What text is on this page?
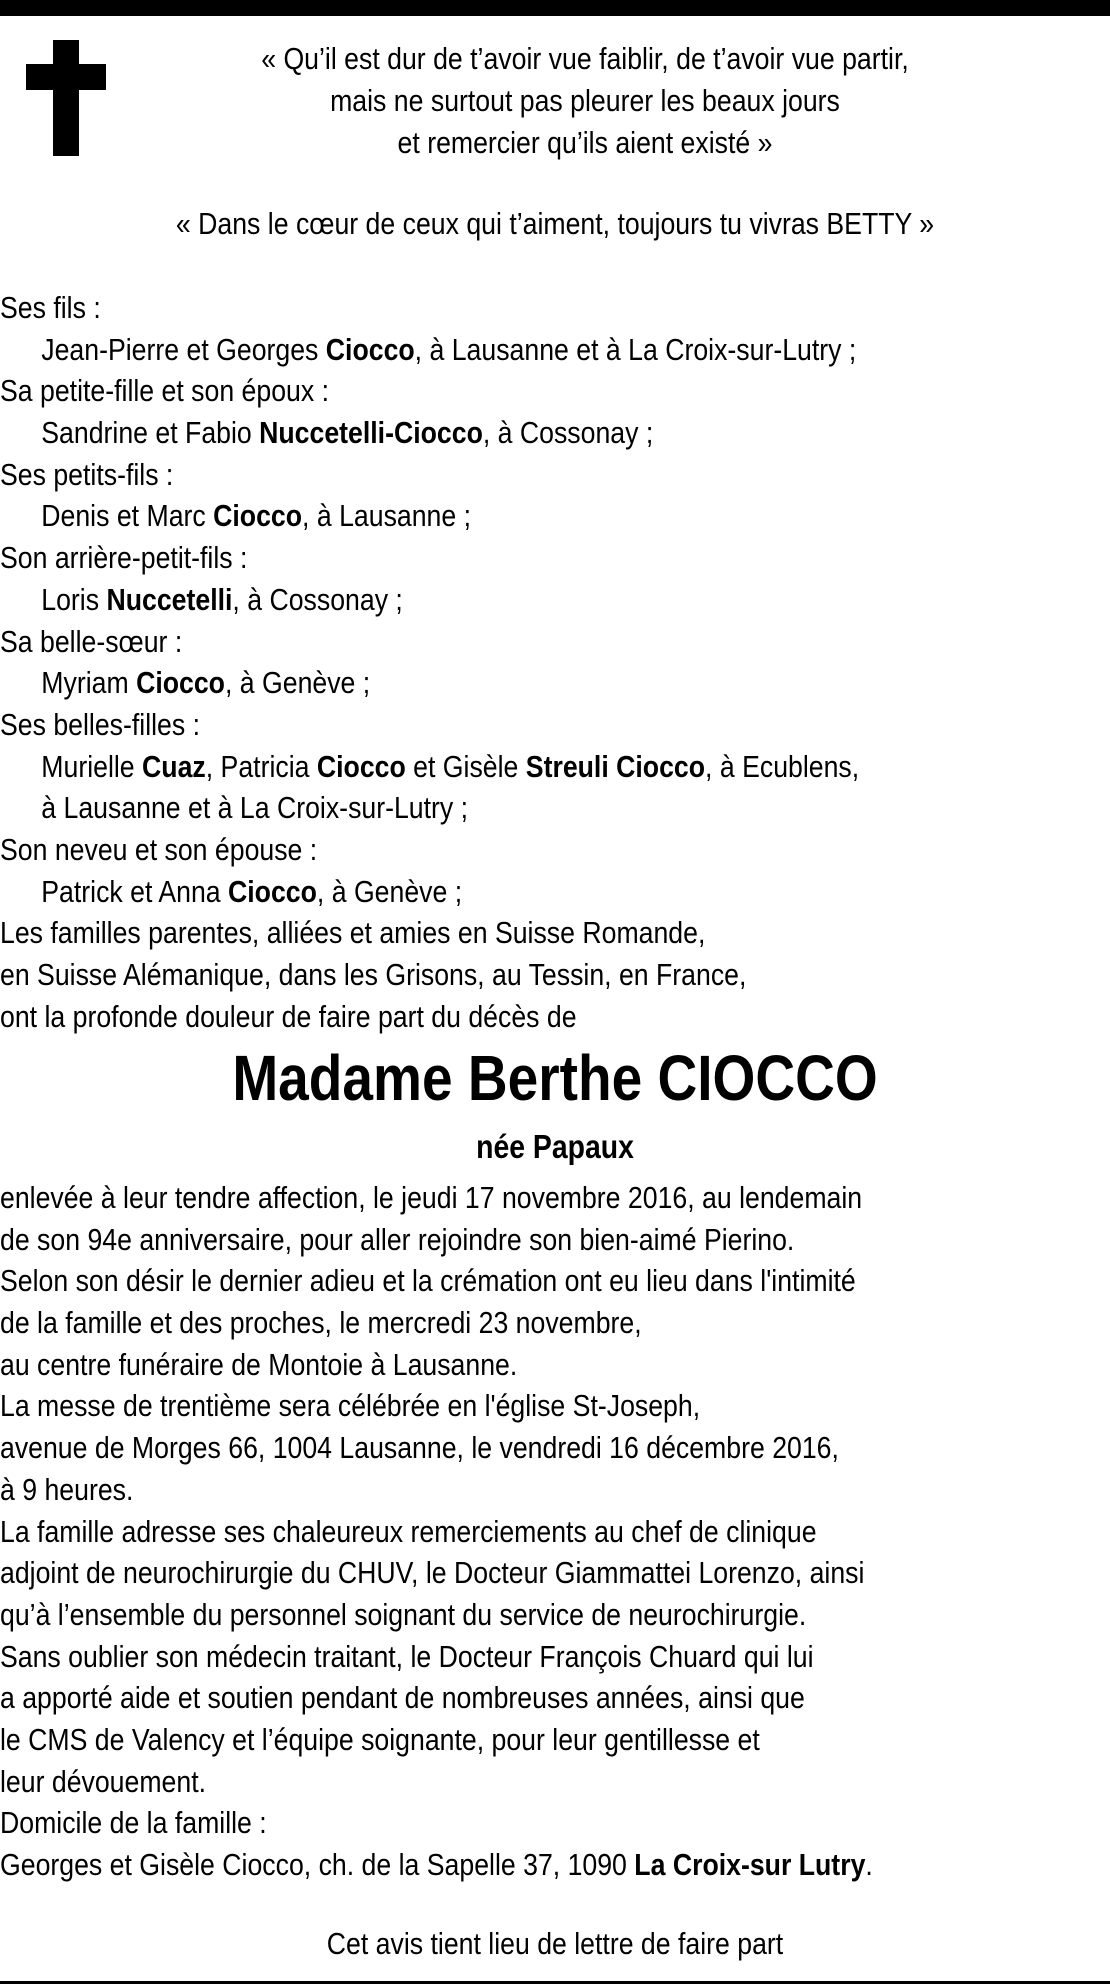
« Qu’il est dur de t’avoir vue faiblir, de t’avoir vue partir,
mais ne surtout pas pleurer les beaux jours
et remercier qu’ils aient existé »
« Dans le cœur de ceux qui t’aiment, toujours tu vivras BETTY »
Ses fils :
Jean-Pierre et Georges Ciocco, à Lausanne et à La Croix-sur-Lutry ;
Sa petite-fille et son époux :
Sandrine et Fabio Nuccetelli-Ciocco, à Cossonay ;
Ses petits-fils :
Denis et Marc Ciocco, à Lausanne ;
Son arrière-petit-fils :
Loris Nuccetelli, à Cossonay ;
Sa belle-sœur :
Myriam Ciocco, à Genève ;
Ses belles-filles :
Murielle Cuaz, Patricia Ciocco et Gisèle Streuli Ciocco, à Ecublens,
à Lausanne et à La Croix-sur-Lutry ;
Son neveu et son épouse :
Patrick et Anna Ciocco, à Genève ;
Les familles parentes, alliées et amies en Suisse Romande,
en Suisse Alémanique, dans les Grisons, au Tessin, en France,
ont la profonde douleur de faire part du décès de
Madame Berthe CIOCCO
née Papaux
enlevée à leur tendre affection, le jeudi 17 novembre 2016, au lendemain
de son 94e anniversaire, pour aller rejoindre son bien-aimé Pierino.
Selon son désir le dernier adieu et la crémation ont eu lieu dans l'intimité
de la famille et des proches, le mercredi 23 novembre,
au centre funéraire de Montoie à Lausanne.
La messe de trentième sera célébrée en l'église St-Joseph,
avenue de Morges 66, 1004 Lausanne, le vendredi 16 décembre 2016,
à 9 heures.
La famille adresse ses chaleureux remerciements au chef de clinique
adjoint de neurochirurgie du CHUV, le Docteur Giammattei Lorenzo, ainsi
qu’à l’ensemble du personnel soignant du service de neurochirurgie.
Sans oublier son médecin traitant, le Docteur François Chuard qui lui
a apporté aide et soutien pendant de nombreuses années, ainsi que
le CMS de Valency et l’équipe soignante, pour leur gentillesse et
leur dévouement.
Domicile de la famille :
Georges et Gisèle Ciocco, ch. de la Sapelle 37, 1090 La Croix-sur Lutry.
Cet avis tient lieu de lettre de faire part
